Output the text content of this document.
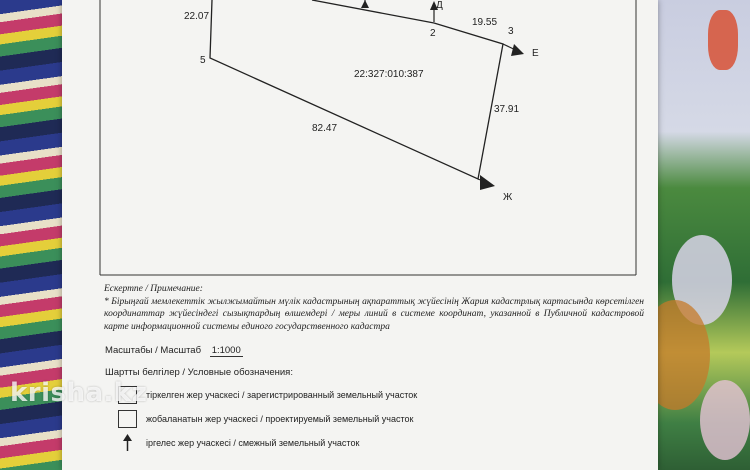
Д
Е
Ж
22.07
19.55
37.91
82.47
2	3
5
22:327:010:387
Ескертпе / Примечание:
* Бірыңғай мемлекеттік жылжымайтын мүлік кадастрының ақпараттық жүйесінің Жария кадастрлық картасында көрсетілген координаттар жүйесіндегі сызықтардың өлшемдері / меры линий в системе координат, указанной в Публичной кадастровой карте информационной системы единого государственного кадастра
Масштабы / Масштаб 1:1000
Шартты белгілер / Условные обозначения:
тіркелген жер учаскесі / зарегистрированный земельный участок
жобаланатын жер учаскесі / проектируемый земельный участок
іргелес жер учаскесі / смежный земельный участок
krisha.kz
